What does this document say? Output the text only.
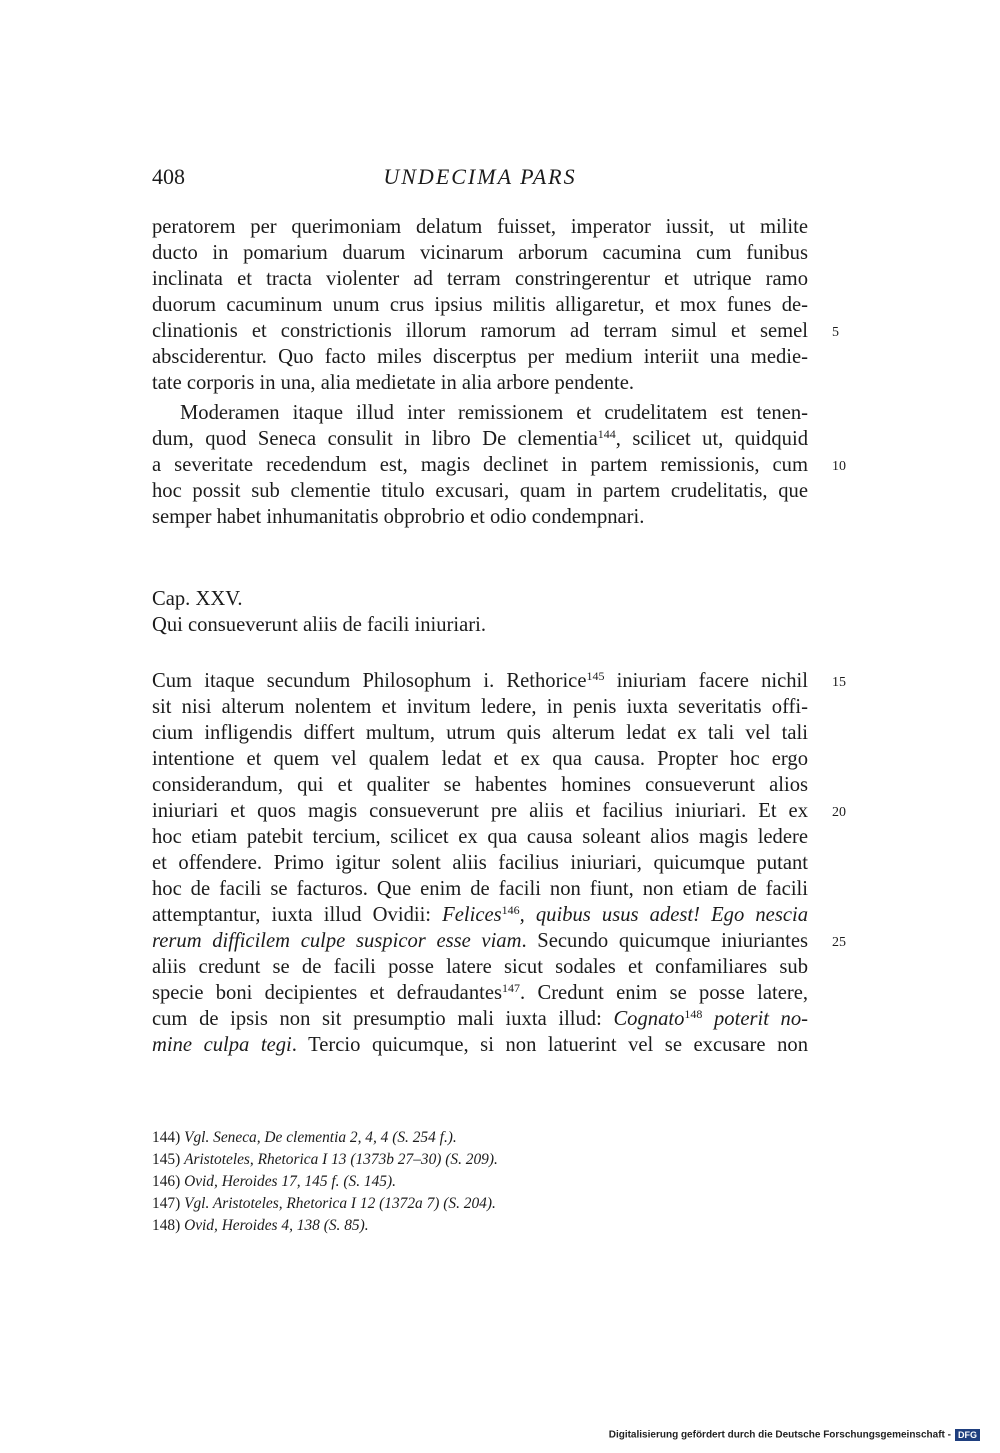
408	UNDECIMA PARS
peratorem per querimoniam delatum fuisset, imperator iussit, ut milite
ducto in pomarium duarum vicinarum arborum cacumina cum funibus
inclinata et tracta violenter ad terram constringerentur et utrique ramo
duorum cacuminum unum crus ipsius militis alligaretur, et mox funes de-
clinationis et constrictionis illorum ramorum ad terram simul et semel 5
absciderentur. Quo facto miles discerptus per medium interiit una medie-
tate corporis in una, alia medietate in alia arbore pendente.
Moderamen itaque illud inter remissionem et crudelitatem est tenen-
dum, quod Seneca consulit in libro De clementia$^{144}$, scilicet ut, quidquid
a severitate recedendum est, magis declinet in partem remissionis, cum 10
hoc possit sub clementie titulo excusari, quam in partem crudelitatis, que
semper habet inhumanitatis obprobrio et odio condempnari.
Cap. XXV.
Qui consueverunt aliis de facili iniuriari.
Cum itaque secundum Philosophum i. Rethorice$^{145}$ iniuriam facere nichil 15
sit nisi alterum nolentem et invitum ledere, in penis iuxta severitatis offi-
cium infligendis differt multum, utrum quis alterum ledat ex tali vel tali
intentione et quem vel qualem ledat et ex qua causa. Propter hoc ergo
considerandum, qui et qualiter se habentes homines consueverunt alios
iniuriari et quos magis consueverunt pre aliis et facilius iniuriari. Et ex 20
hoc etiam patebit tercium, scilicet ex qua causa soleant alios magis ledere
et offendere. Primo igitur solent aliis facilius iniuriari, quicumque putant
hoc de facili se facturos. Que enim de facili non fiunt, non etiam de facili
attemptantur, iuxta illud Ovidii: Felices$^{146}$, quibus usus adest! Ego nescia
rerum difficilem culpe suspicor esse viam. Secundo quicumque iniuriantes 25
aliis credunt se de facili posse latere sicut sodales et confamiliares sub
specie boni decipientes et defraudantes$^{147}$. Credunt enim se posse latere,
cum de ipsis non sit presumptio mali iuxta illud: Cognato$^{148}$ poterit no-
mine culpa tegi. Tercio quicumque, si non latuerint vel se excusare non
144) Vgl. Seneca, De clementia 2, 4, 4 (S. 254 f.).
145) Aristoteles, Rhetorica I 13 (1373b 27–30) (S. 209).
146) Ovid, Heroides 17, 145 f. (S. 145).
147) Vgl. Aristoteles, Rhetorica I 12 (1372a 7) (S. 204).
148) Ovid, Heroides 4, 138 (S. 85).
Digitalisierung gefördert durch die Deutsche Forschungsgemeinschaft - DFG
